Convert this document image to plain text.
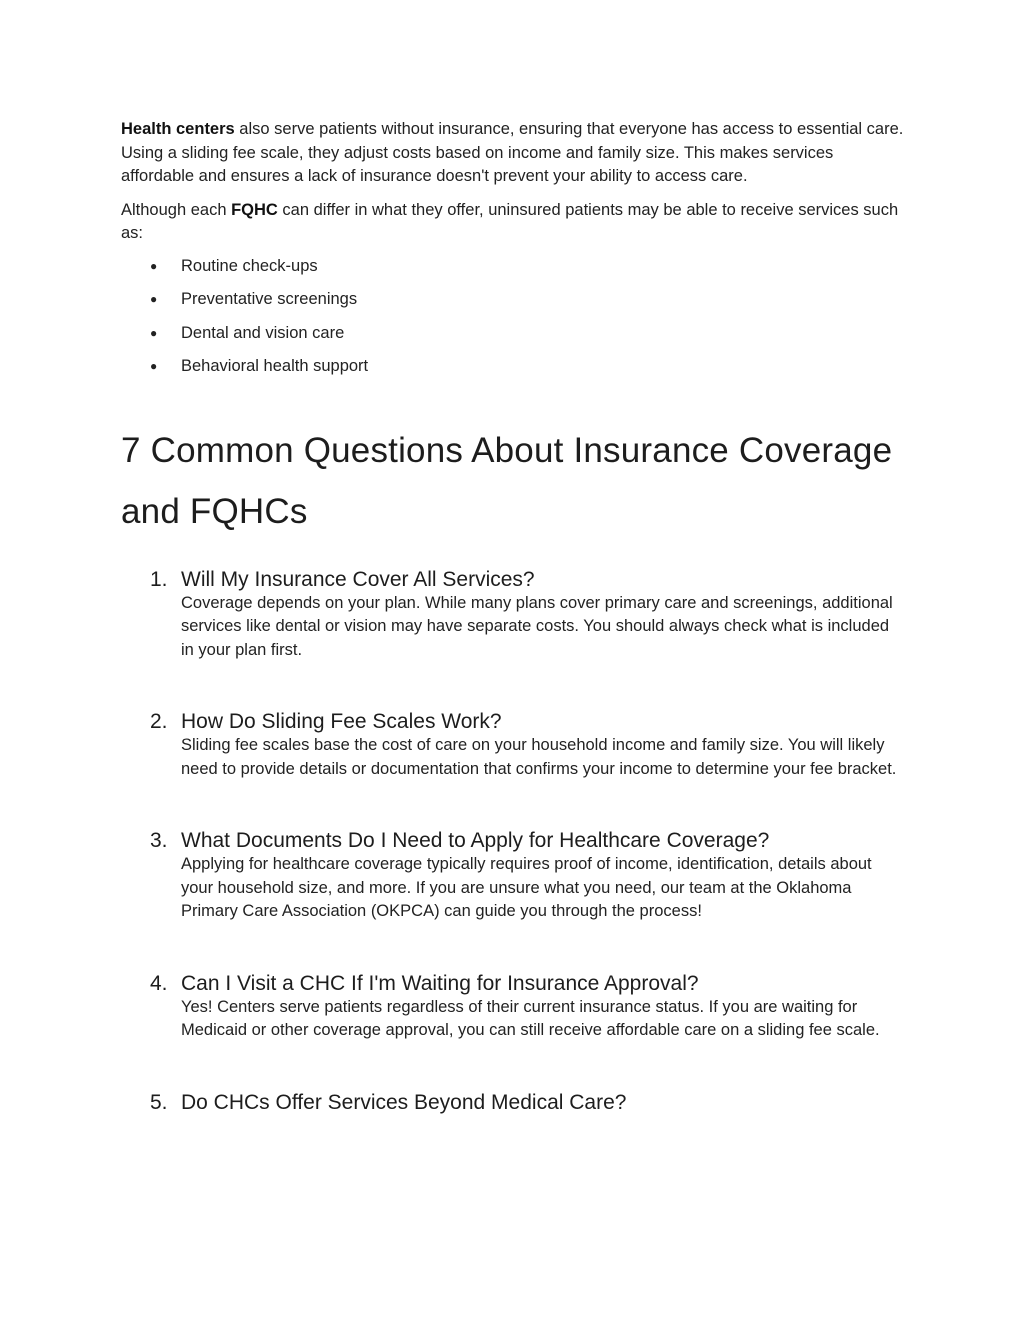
Health centers also serve patients without insurance, ensuring that everyone has access to essential care. Using a sliding fee scale, they adjust costs based on income and family size. This makes services affordable and ensures a lack of insurance doesn't prevent your ability to access care.

Although each FQHC can differ in what they offer, uninsured patients may be able to receive services such as:

● Routine check-ups
● Preventative screenings
● Dental and vision care
● Behavioral health support
7 Common Questions About Insurance Coverage and FQHCs
1. Will My Insurance Cover All Services?

Coverage depends on your plan. While many plans cover primary care and screenings, additional services like dental or vision may have separate costs. You should always check what is included in your plan first.

2. How Do Sliding Fee Scales Work?

Sliding fee scales base the cost of care on your household income and family size. You will likely need to provide details or documentation that confirms your income to determine your fee bracket.

3. What Documents Do I Need to Apply for Healthcare Coverage?

Applying for healthcare coverage typically requires proof of income, identification, details about your household size, and more. If you are unsure what you need, our team at the Oklahoma Primary Care Association (OKPCA) can guide you through the process!

4. Can I Visit a CHC If I'm Waiting for Insurance Approval?

Yes! Centers serve patients regardless of their current insurance status. If you are waiting for Medicaid or other coverage approval, you can still receive affordable care on a sliding fee scale.

5. Do CHCs Offer Services Beyond Medical Care?
